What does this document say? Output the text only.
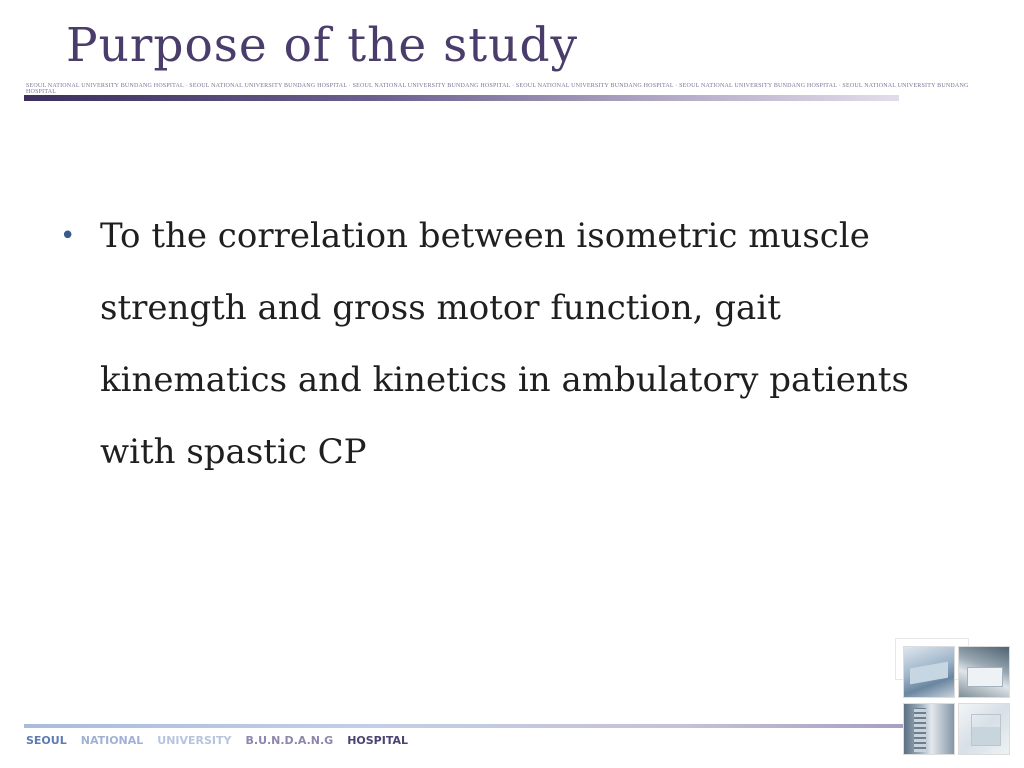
Purpose of the study
SEOUL NATIONAL UNIVERSITY BUNDANG HOSPITAL · SEOUL NATIONAL UNIVERSITY BUNDANG HOSPITAL · SEOUL NATIONAL UNIVERSITY BUNDANG HOSPITAL · SEOUL NATIONAL UNIVERSITY BUNDANG HOSPITAL · SEOUL NATIONAL UNIVERSITY BUNDANG HOSPITAL · SEOUL NATIONAL UNIVERSITY BUNDANG HOSPITAL
• To the correlation between isometric muscle strength and gross motor function, gait kinematics and kinetics in ambulatory patients with spastic CP
SEOUL NATIONAL UNIVERSITY B.U.N.D.A.N.G HOSPITAL
